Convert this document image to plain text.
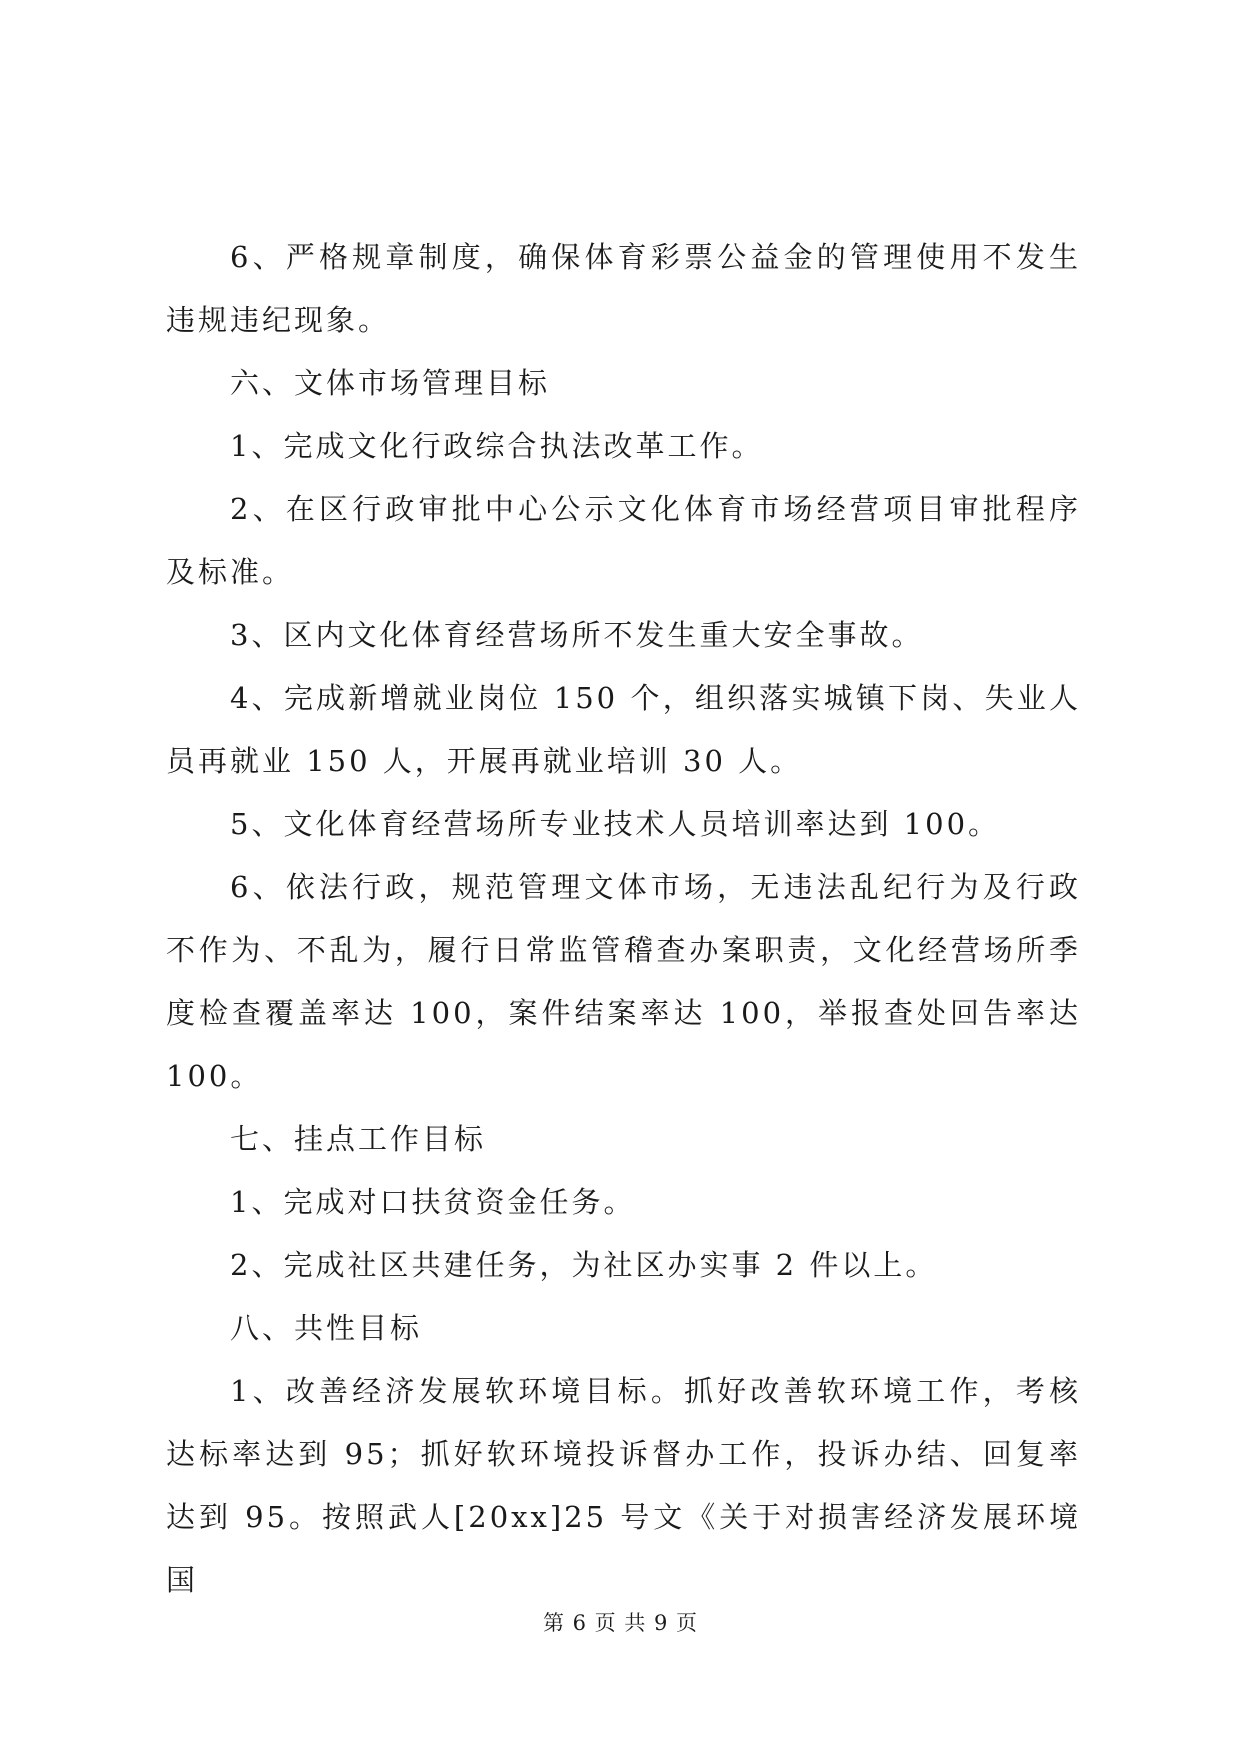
6、严格规章制度，确保体育彩票公益金的管理使用不发生违规违纪现象。

六、文体市场管理目标

1、完成文化行政综合执法改革工作。

2、在区行政审批中心公示文化体育市场经营项目审批程序及标准。

3、区内文化体育经营场所不发生重大安全事故。

4、完成新增就业岗位 150 个，组织落实城镇下岗、失业人员再就业 150 人，开展再就业培训 30 人。

5、文化体育经营场所专业技术人员培训率达到 100。

6、依法行政，规范管理文体市场，无违法乱纪行为及行政不作为、不乱为，履行日常监管稽查办案职责，文化经营场所季度检查覆盖率达 100，案件结案率达 100，举报查处回告率达 100。

七、挂点工作目标

1、完成对口扶贫资金任务。

2、完成社区共建任务，为社区办实事 2 件以上。

八、共性目标

1、改善经济发展软环境目标。抓好改善软环境工作，考核达标率达到 95；抓好软环境投诉督办工作，投诉办结、回复率达到 95。按照武人[20xx]25 号文《关于对损害经济发展环境国

第 6 页 共 9 页
